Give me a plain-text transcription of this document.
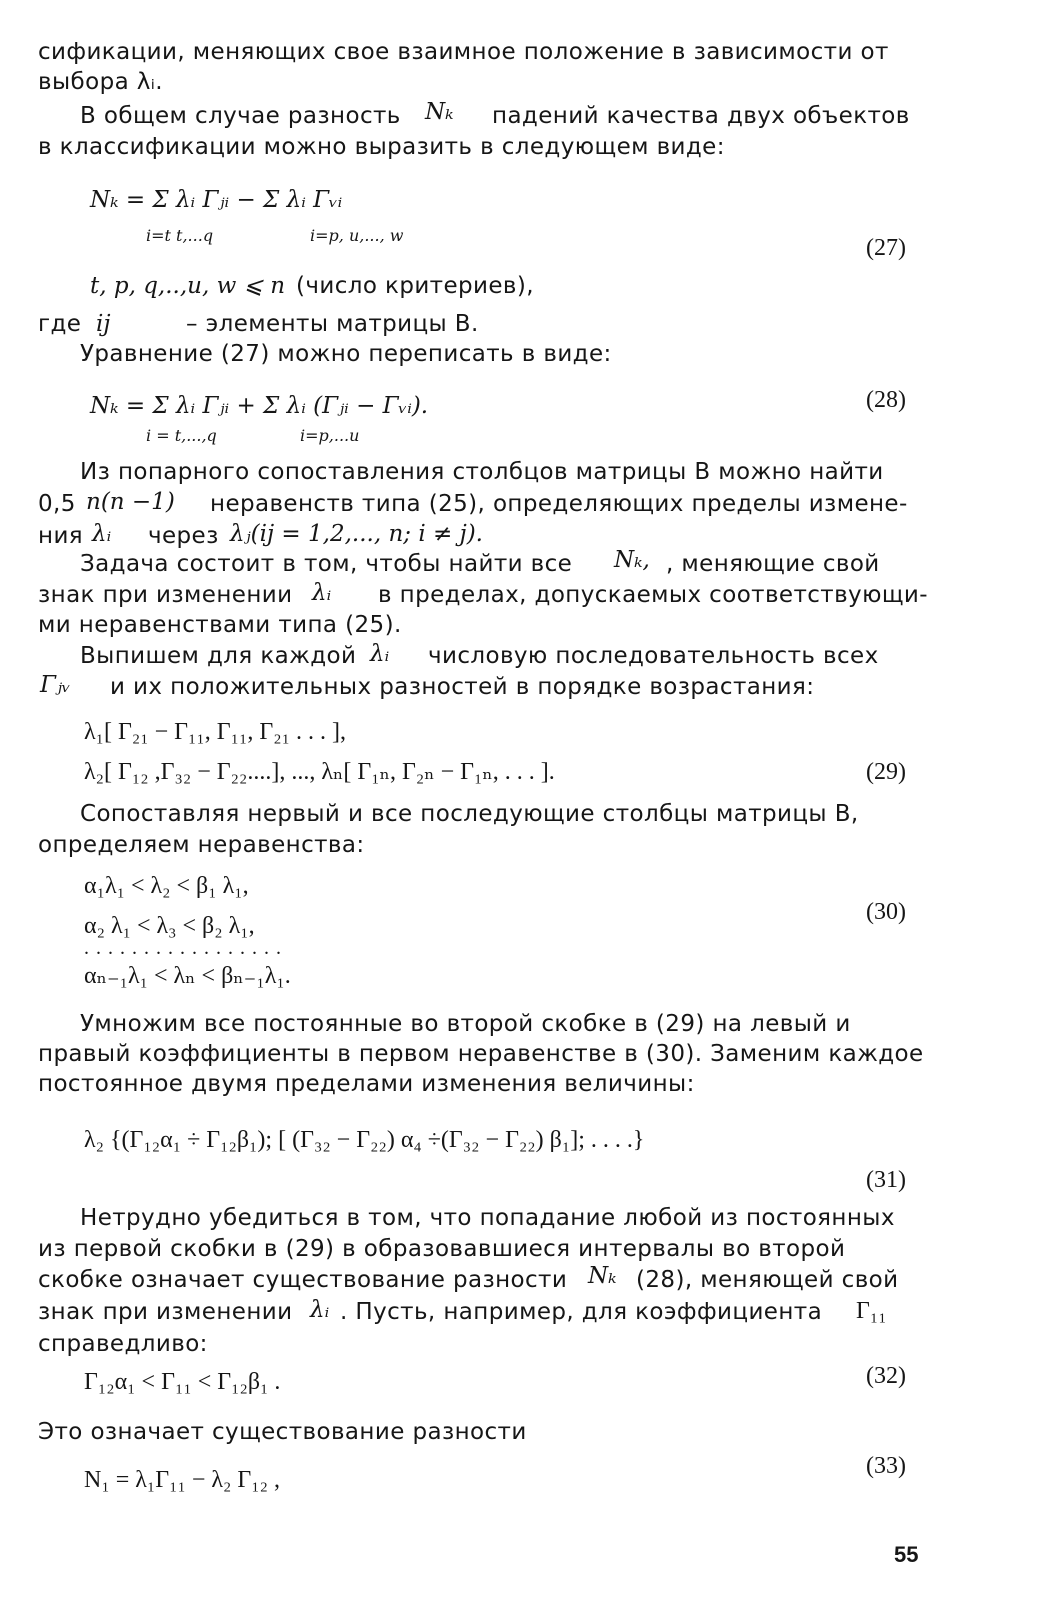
сификации, меняющих свое взаимное положение в зависимости от
выбора λᵢ.
В общем случае разность Nₖ падений качества двух объектов
в классификации можно выразить в следующем виде:
Nₖ = Σ λᵢ Γⱼᵢ − Σ λᵢ Γᵥᵢ
i=t t,...q	i=p, u,..., w	(27)
t, p, q,..,u, w ⩽ n (число критериев),
где ij	– элементы матрицы B.
Уравнение (27) можно переписать в виде:
Nₖ = Σ λᵢ Γⱼᵢ + Σ λᵢ (Γⱼᵢ − Γᵥᵢ).	(28)
i = t,...,q	i=p,...u
Из попарного сопоставления столбцов матрицы B можно найти
0,5 n(n −1) неравенств типа (25), определяющих пределы измене-
ния λᵢ через λⱼ(ij = 1,2,..., n; i ≠ j).
Задача состоит в том, чтобы найти все Nₖ, , меняющие свой
знак при изменении λᵢ в пределах, допускаемых соответствующи-
ми неравенствами типа (25).
Выпишем для каждой λᵢ числовую последовательность всех
Γⱼᵥ и их положительных разностей в порядке возрастания:
λ₁[ Γ₂₁ − Γ₁₁, Γ₁₁, Γ₂₁ . . . ],
λ₂[ Γ₁₂ ,Γ₃₂ − Γ₂₂....], ..., λₙ[ Γ₁ₙ, Γ₂ₙ − Γ₁ₙ, . . . ].	(29)
Сопоставляя нервый и все последующие столбцы матрицы B,
определяем неравенства:
α₁λ₁ < λ₂ < β₁ λ₁,
α₂ λ₁ < λ₃ < β₂ λ₁,
(30)
. . . . . . . . . . . . . . . . .
αₙ₋₁λ₁ < λₙ < βₙ₋₁λ₁.
Умножим все постоянные во второй скобке в (29) на левый и
правый коэффициенты в первом неравенстве в (30). Заменим каждое
постоянное двумя пределами изменения величины:
λ₂ {(Γ₁₂α₁ ÷ Γ₁₂β₁); [ (Γ₃₂ − Γ₂₂) α₄ ÷(Γ₃₂ − Γ₂₂) β₁]; . . . .}
(31)
Нетрудно убедиться в том, что попадание любой из постоянных
из первой скобки в (29) в образовавшиеся интервалы во второй
скобке означает существование разности Nₖ (28), меняющей свой
знак при изменении λᵢ . Пусть, например, для коэффициента Γ₁₁
справедливо:
Γ₁₂α₁ < Γ₁₁ < Γ₁₂β₁ .	(32)
Это означает существование разности
N₁ = λ₁Γ₁₁ − λ₂ Γ₁₂ ,
(33)
55
